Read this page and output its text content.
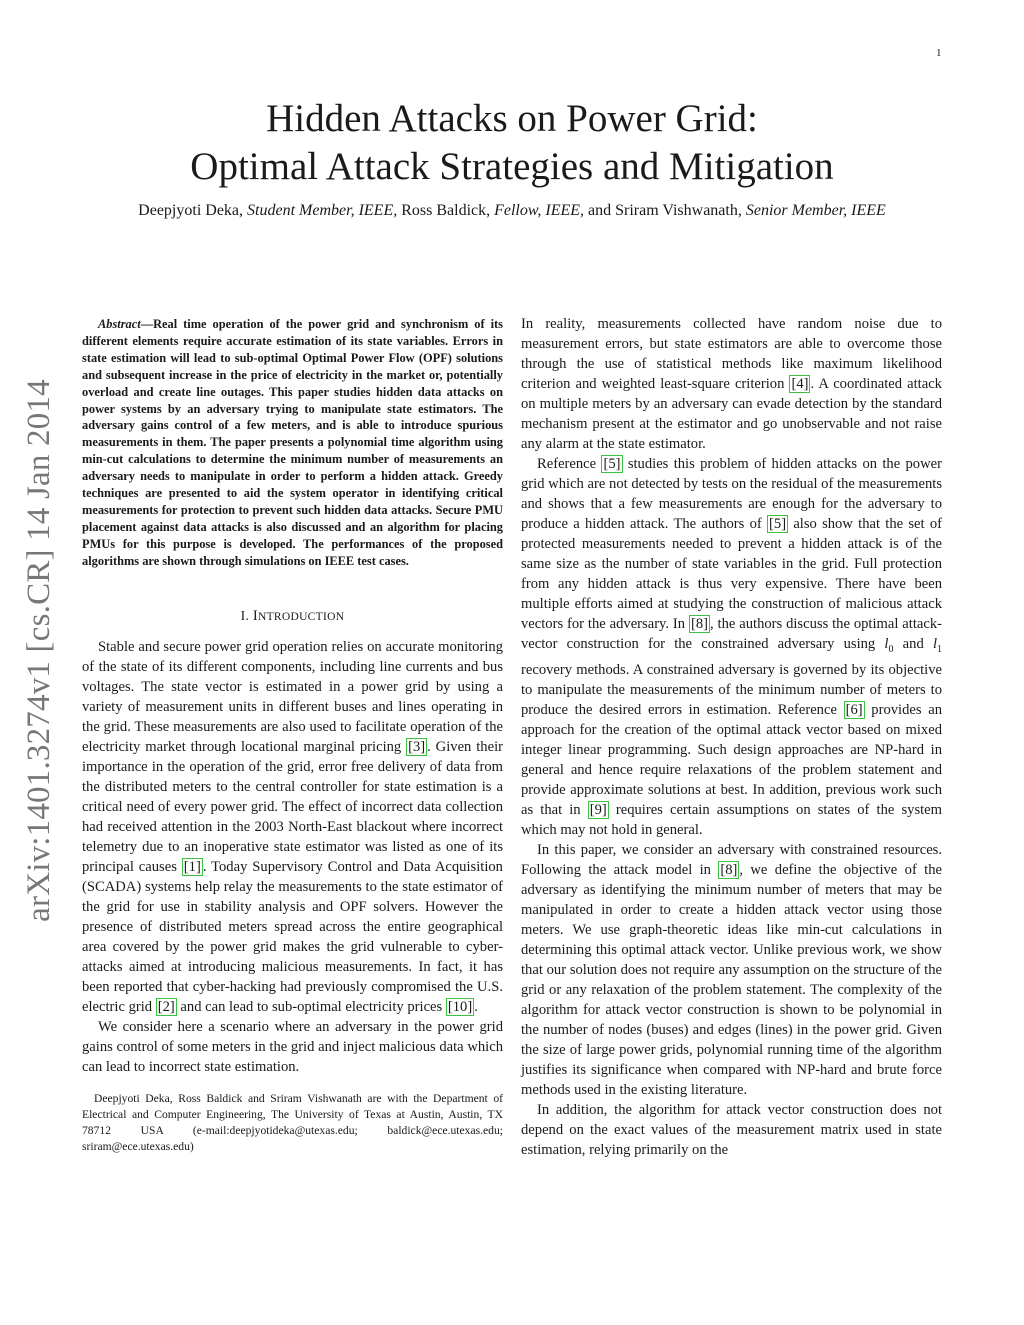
1
arXiv:1401.3274v1 [cs.CR] 14 Jan 2014
Hidden Attacks on Power Grid:
Optimal Attack Strategies and Mitigation
Deepjyoti Deka, Student Member, IEEE, Ross Baldick, Fellow, IEEE, and Sriram Vishwanath, Senior Member, IEEE

Abstract—Real time operation of the power grid and synchronism of its different elements require accurate estimation of its state variables. Errors in state estimation will lead to sub-optimal Optimal Power Flow (OPF) solutions and subsequent increase in the price of electricity in the market or, potentially overload and create line outages. This paper studies hidden data attacks on power systems by an adversary trying to manipulate state estimators. The adversary gains control of a few meters, and is able to introduce spurious measurements in them. The paper presents a polynomial time algorithm using min-cut calculations to determine the minimum number of measurements an adversary needs to manipulate in order to perform a hidden attack. Greedy techniques are presented to aid the system operator in identifying critical measurements for protection to prevent such hidden data attacks. Secure PMU placement against data attacks is also discussed and an algorithm for placing PMUs for this purpose is developed. The performances of the proposed algorithms are shown through simulations on IEEE test cases.

I. INTRODUCTION

Stable and secure power grid operation relies on accurate monitoring of the state of its different components, including line currents and bus voltages. The state vector is estimated in a power grid by using a variety of measurement units in different buses and lines operating in the grid. These measurements are also used to facilitate operation of the electricity market through locational marginal pricing [3] . Given their importance in the operation of the grid, error free delivery of data from the distributed meters to the central controller for state estimation is a critical need of every power grid. The effect of incorrect data collection had received attention in the 2003 North-East blackout where incorrect telemetry due to an inoperative state estimator was listed as one of its principal causes [1] . Today Supervisory Control and Data Acquisition (SCADA) systems help relay the measurements to the state estimator of the grid for use in stability analysis and OPF solvers. However the presence of distributed meters spread across the entire geographical area covered by the power grid makes the grid vulnerable to cyber-attacks aimed at introducing malicious measurements. In fact, it has been reported that cyber-hacking had previously compromised the U.S. electric grid [2] and can lead to sub-optimal electricity prices [10] .

We consider here a scenario where an adversary in the power grid gains control of some meters in the grid and inject malicious data which can lead to incorrect state estimation.

Deepjyoti Deka, Ross Baldick and Sriram Vishwanath are with the Department of Electrical and Computer Engineering, The University of Texas at Austin, Austin, TX 78712 USA (e-mail:deepjyotideka@utexas.edu; baldick@ece.utexas.edu; sriram@ece.utexas.edu)

In reality, measurements collected have random noise due to measurement errors, but state estimators are able to overcome those through the use of statistical methods like maximum likelihood criterion and weighted least-square criterion [4] . A coordinated attack on multiple meters by an adversary can evade detection by the standard mechanism present at the estimator and go unobservable and not raise any alarm at the state estimator.

Reference [5] studies this problem of hidden attacks on the power grid which are not detected by tests on the residual of the measurements and shows that a few measurements are enough for the adversary to produce a hidden attack. The authors of [5] also show that the set of protected measurements needed to prevent a hidden attack is of the same size as the number of state variables in the grid. Full protection from any hidden attack is thus very expensive. There have been multiple efforts aimed at studying the construction of malicious attack vectors for the adversary. In [8] , the authors discuss the optimal attack-vector construction for the constrained adversary using $l_0$ and $l_1$ recovery methods. A constrained adversary is governed by its objective to manipulate the measurements of the minimum number of meters to produce the desired errors in estimation. Reference [6] provides an approach for the creation of the optimal attack vector based on mixed integer linear programming. Such design approaches are NP-hard in general and hence require relaxations of the problem statement and provide approximate solutions at best. In addition, previous work such as that in [9] requires certain assumptions on states of the system which may not hold in general.

In this paper, we consider an adversary with constrained resources. Following the attack model in [8] , we define the objective of the adversary as identifying the minimum number of meters that may be manipulated in order to create a hidden attack vector using those meters. We use graph-theoretic ideas like min-cut calculations in determining this optimal attack vector. Unlike previous work, we show that our solution does not require any assumption on the structure of the grid or any relaxation of the problem statement. The complexity of the algorithm for attack vector construction is shown to be polynomial in the number of nodes (buses) and edges (lines) in the power grid. Given the size of large power grids, polynomial running time of the algorithm justifies its significance when compared with NP-hard and brute force methods used in the existing literature.

In addition, the algorithm for attack vector construction does not depend on the exact values of the measurement matrix used in state estimation, relying primarily on the
